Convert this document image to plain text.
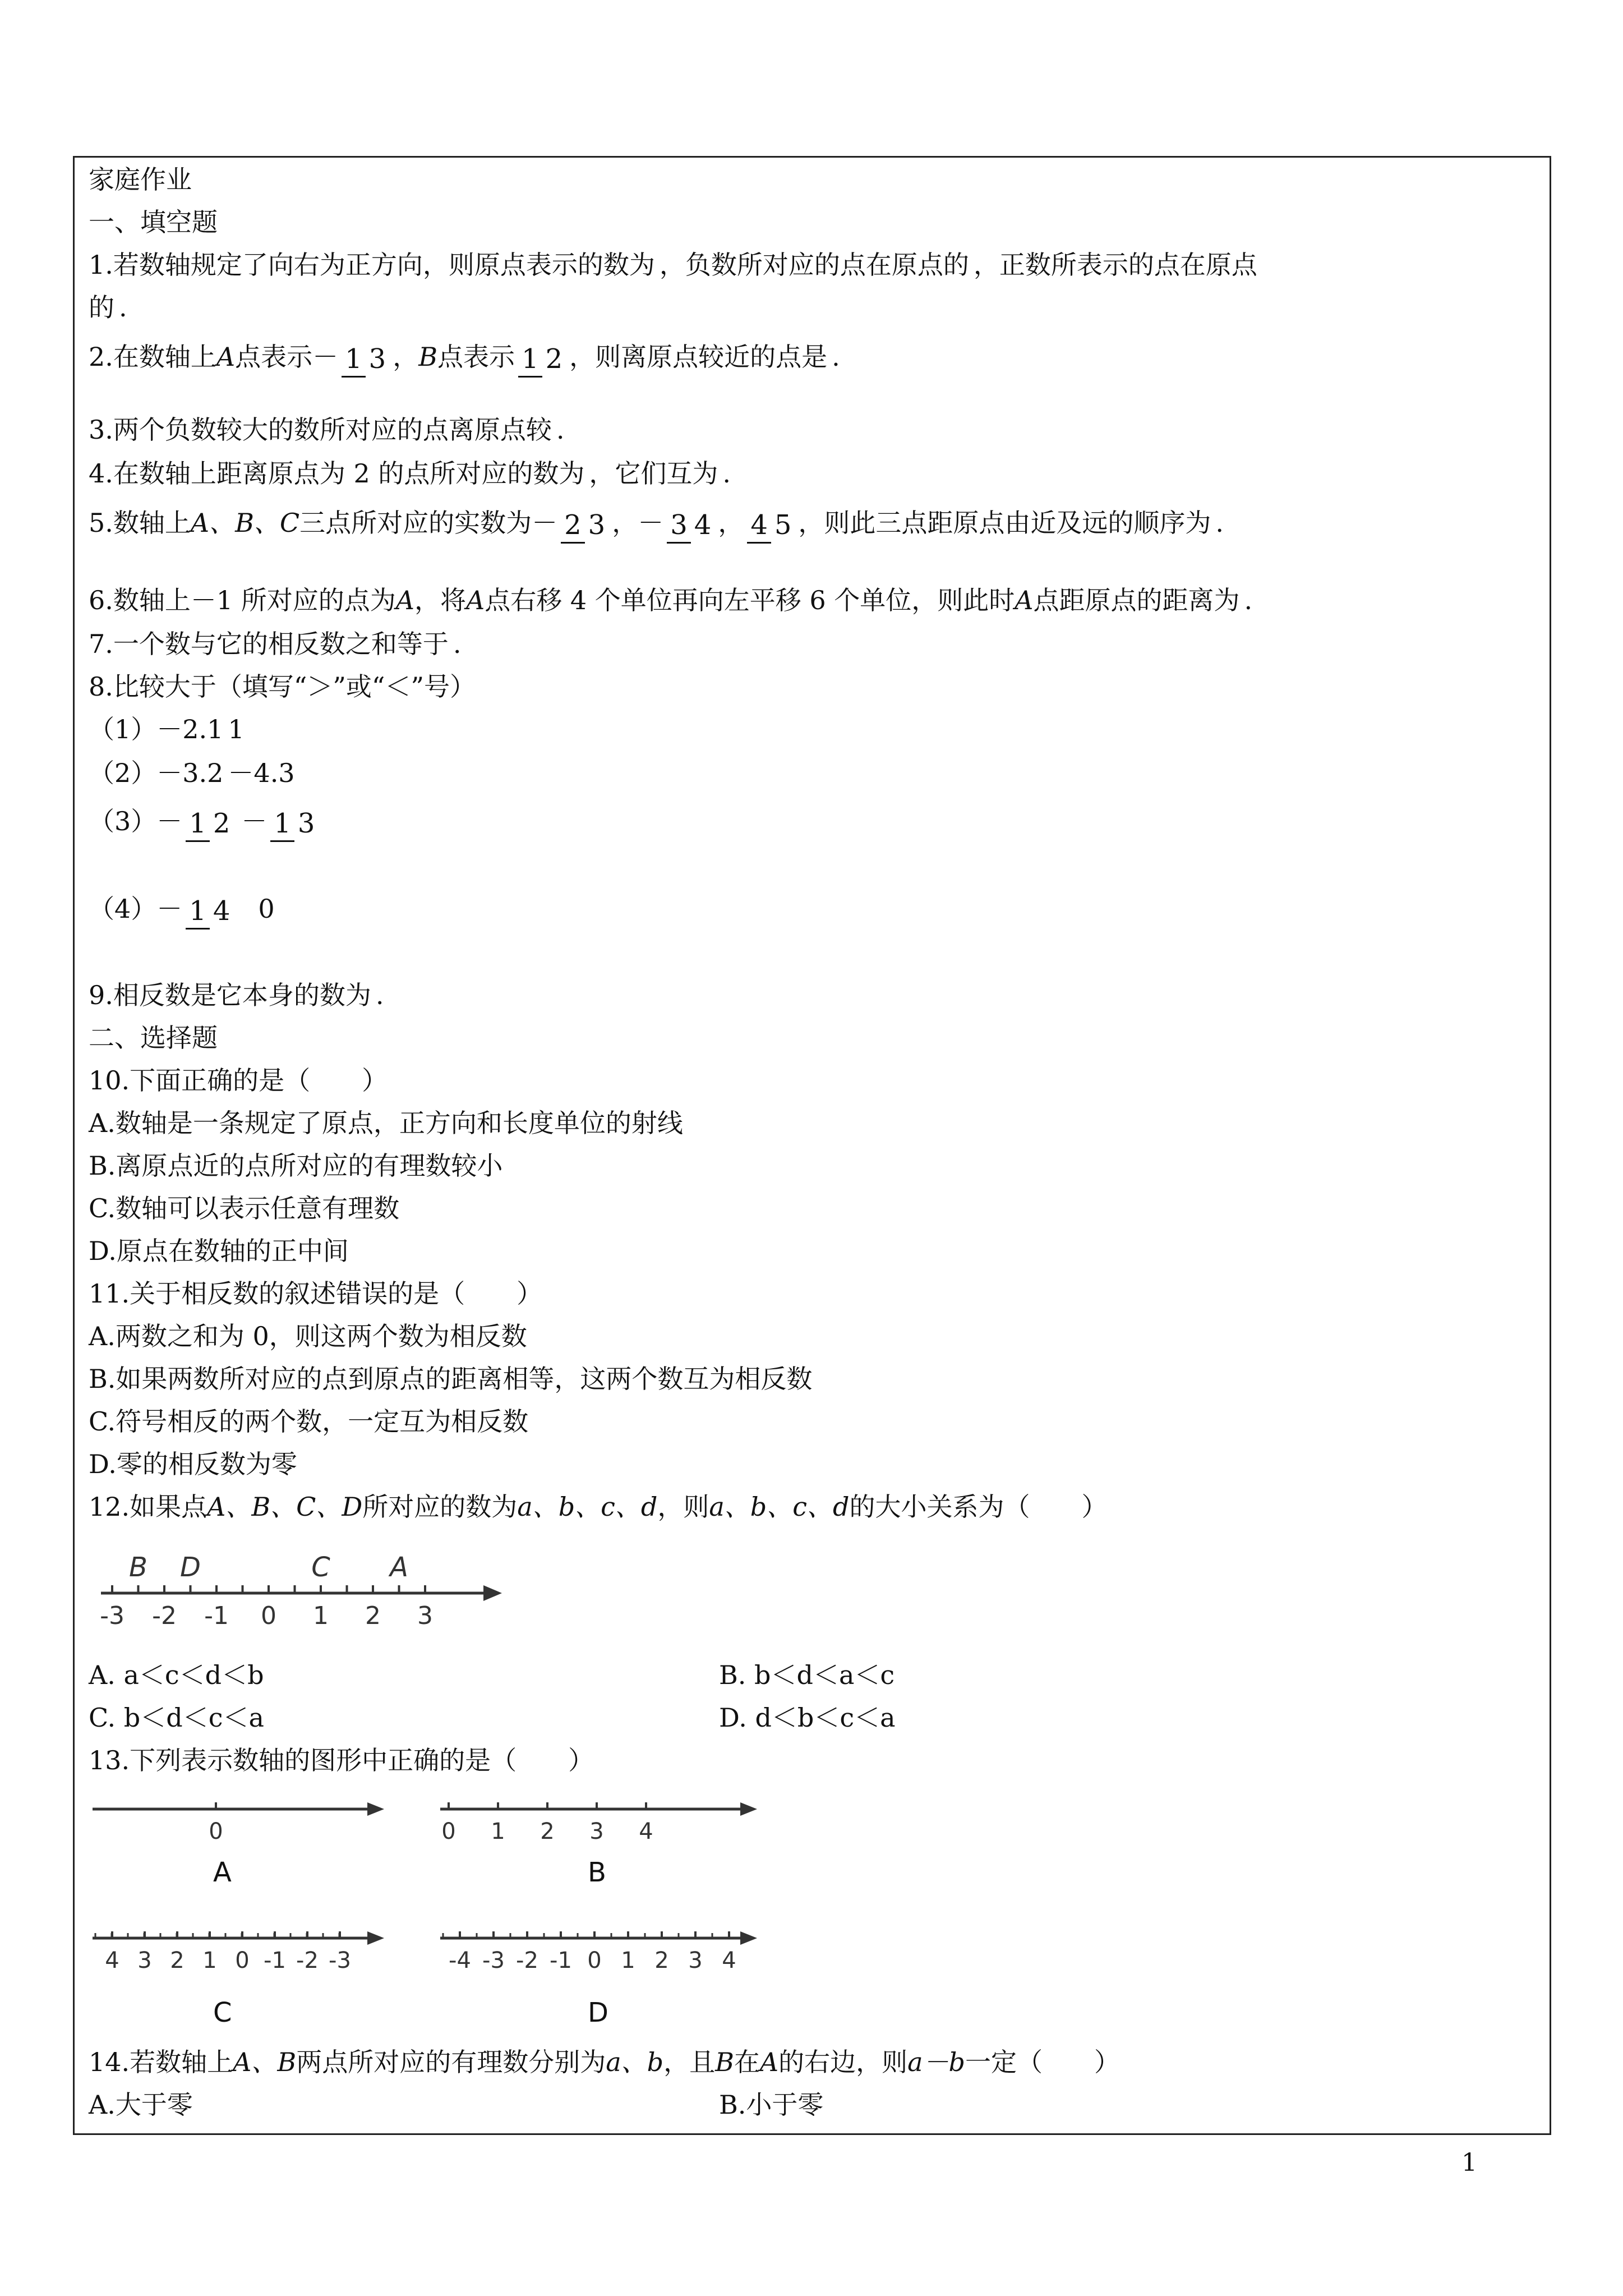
家庭作业
一、填空题
1.若数轴规定了向右为正方向，则原点表示的数为 ，负数所对应的点在原点的 ，正数所表示的点在原点
的 .
2.在数轴上A点表示－ 1 3 ，B点表示 1 2 ，则离原点较近的点是 .
3.两个负数较大的数所对应的点离原点较 .
4.在数轴上距离原点为 2 的点所对应的数为 ，它们互为 .
5.数轴上A、B、C三点所对应的实数为－ 2 3 ，－ 3 4 ， 4 5 ，则此三点距原点由近及远的顺序为 .
6.数轴上－1 所对应的点为A，将A点右移 4 个单位再向左平移 6 个单位，则此时A点距原点的距离为 .
7.一个数与它的相反数之和等于 .
8.比较大于（填写“＞”或“＜”号）
（1）－2.1 1
（2）－3.2 －4.3
（3）－ 1 2 － 1 3
（4）－ 1 4 0
9.相反数是它本身的数为 .
二、选择题
10.下面正确的是（　　）
A.数轴是一条规定了原点，正方向和长度单位的射线
B.离原点近的点所对应的有理数较小
C.数轴可以表示任意有理数
D.原点在数轴的正中间
11.关于相反数的叙述错误的是（　　）
A.两数之和为 0，则这两个数为相反数
B.如果两数所对应的点到原点的距离相等，这两个数互为相反数
C.符号相反的两个数，一定互为相反数
D.零的相反数为零
12.如果点A、B、C、D所对应的数为a、b、c、d，则a、b、c、d的大小关系为（　　）
-3 -2 -1 0 1 2 3
B D	C A
A. a＜c＜d＜b	B. b＜d＜a＜c
C. b＜d＜c＜a	D. d＜b＜c＜a
13.下列表示数轴的图形中正确的是（　　）
0
A
0 1 2 3 4
B
4 3 2 1 0 -1 -2 -3
C
-4 -3 -2 -1 0 1 2 3 4
D
14.若数轴上A、B两点所对应的有理数分别为a、b，且B在A的右边，则a－b一定（　　）
A.大于零	B.小于零
1
